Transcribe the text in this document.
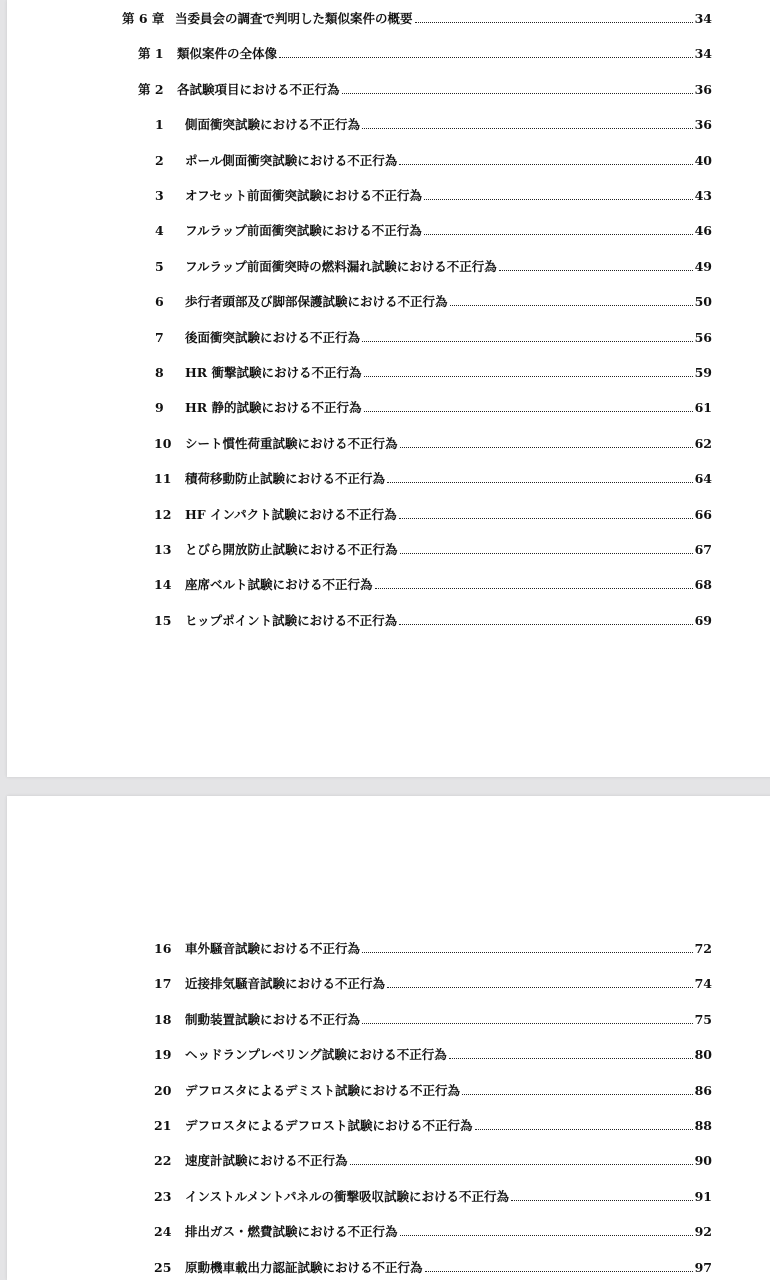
第 6 章 当委員会の調査で判明した類似案件の概要	34
第 1	類似案件の全体像	34
第 2	各試験項目における不正行為	36
1	側面衝突試験における不正行為	36
2	ポール側面衝突試験における不正行為	40
3	オフセット前面衝突試験における不正行為	43
4	フルラップ前面衝突試験における不正行為	46
5	フルラップ前面衝突時の燃料漏れ試験における不正行為	49
6	歩行者頭部及び脚部保護試験における不正行為	50
7	後面衝突試験における不正行為	56
8	HR 衝撃試験における不正行為	59
9	HR 静的試験における不正行為	61
10	シート慣性荷重試験における不正行為	62
11	積荷移動防止試験における不正行為	64
12	HF インパクト試験における不正行為	66
13	とびら開放防止試験における不正行為	67
14	座席ベルト試験における不正行為	68
15	ヒップポイント試験における不正行為	69
16	車外騒音試験における不正行為	72
17	近接排気騒音試験における不正行為	74
18	制動装置試験における不正行為	75
19	ヘッドランプレベリング試験における不正行為	80
20	デフロスタによるデミスト試験における不正行為	86
21	デフロスタによるデフロスト試験における不正行為	88
22	速度計試験における不正行為	90
23	インストルメントパネルの衝撃吸収試験における不正行為	91
24	排出ガス・燃費試験における不正行為	92
25	原動機車載出力認証試験における不正行為	97
